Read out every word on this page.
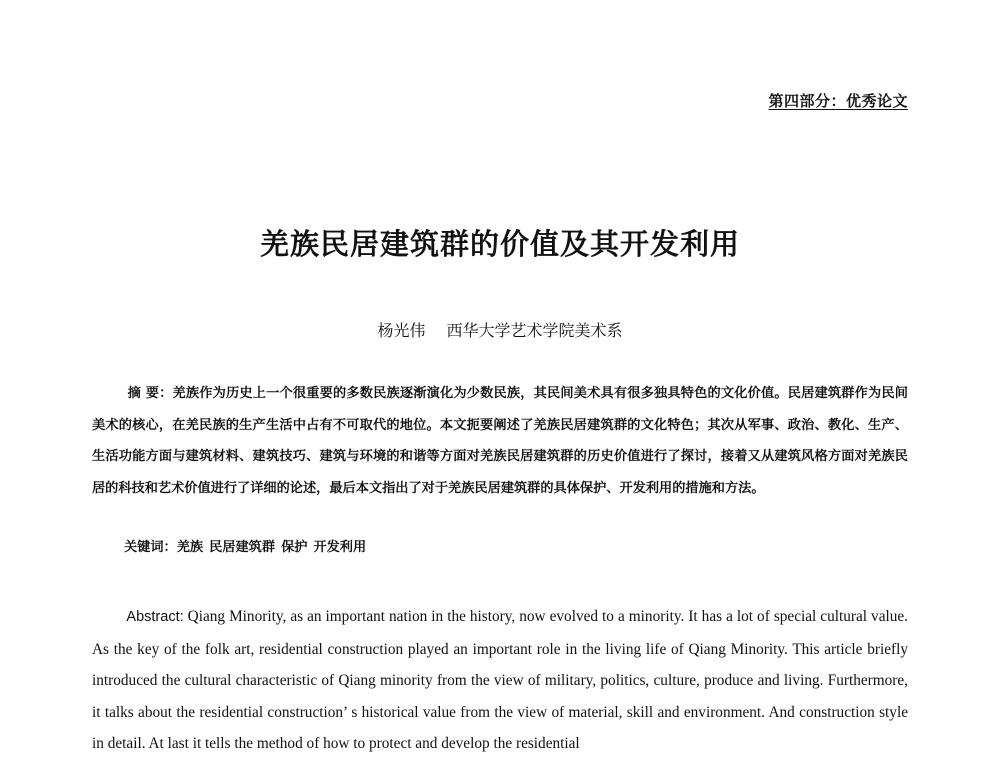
第四部分：优秀论文
羌族民居建筑群的价值及其开发利用
杨光伟 西华大学艺术学院美术系

摘 要：羌族作为历史上一个很重要的多数民族逐渐演化为少数民族，其民间美术具有很多独具特色的文化价值。民居建筑群作为民间美术的核心，在羌民族的生产生活中占有不可取代的地位。本文扼要阐述了羌族民居建筑群的文化特色；其次从军事、政治、教化、生产、生活功能方面与建筑材料、建筑技巧、建筑与环境的和谐等方面对羌族民居建筑群的历史价值进行了探讨，接着又从建筑风格方面对羌族民居的科技和艺术价值进行了详细的论述，最后本文指出了对于羌族民居建筑群的具体保护、开发利用的措施和方法。

关键词：羌族 民居建筑群 保护 开发利用

Abstract: Qiang Minority, as an important nation in the history, now evolved to a minority. It has a lot of special cultural value. As the key of the folk art, residential construction played an important role in the living life of Qiang Minority. This article briefly introduced the cultural characteristic of Qiang minority from the view of military, politics, culture, produce and living. Furthermore, it talks about the residential construction’ s historical value from the view of material, skill and environment. And construction style in detail. At last it tells the method of how to protect and develop the residential
